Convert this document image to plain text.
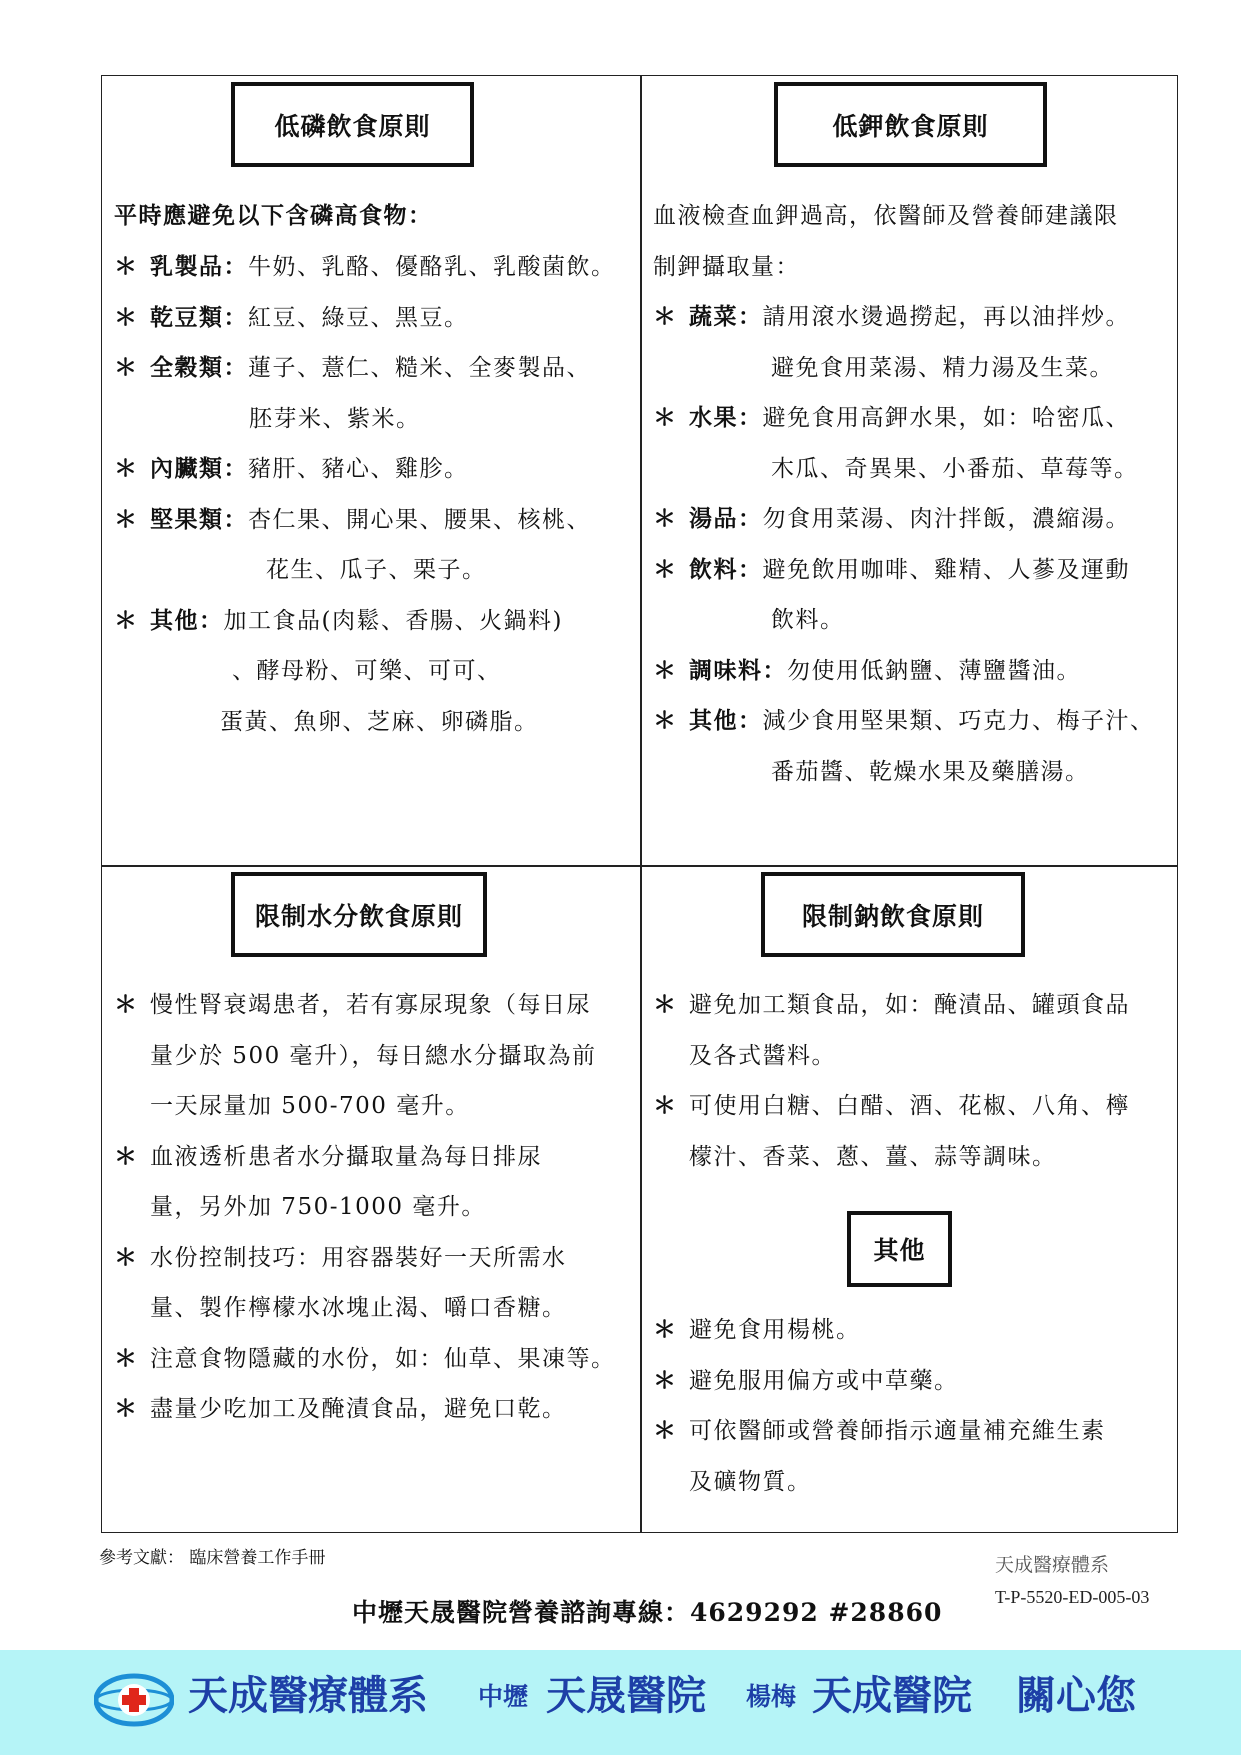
低磷飲食原則
平時應避免以下含磷高食物：
＊ 乳製品：牛奶、乳酪、優酪乳、乳酸菌飲。
＊ 乾豆類：紅豆、綠豆、黑豆。
＊ 全穀類：蓮子、薏仁、糙米、全麥製品、
胚芽米、紫米。
＊ 內臟類：豬肝、豬心、雞胗。
＊ 堅果類：杏仁果、開心果、腰果、核桃、
花生、瓜子、栗子。
＊ 其他：加工食品(肉鬆、香腸、火鍋料)
、酵母粉、可樂、可可、
蛋黃、魚卵、芝麻、卵磷脂。
低鉀飲食原則
血液檢查血鉀過高，依醫師及營養師建議限
制鉀攝取量：
＊ 蔬菜：請用滾水燙過撈起，再以油拌炒。
避免食用菜湯、精力湯及生菜。
＊ 水果：避免食用高鉀水果，如：哈密瓜、
木瓜、奇異果、小番茄、草莓等。
＊ 湯品：勿食用菜湯、肉汁拌飯，濃縮湯。
＊ 飲料：避免飲用咖啡、雞精、人蔘及運動
飲料。
＊ 調味料：勿使用低鈉鹽、薄鹽醬油。
＊ 其他：減少食用堅果類、巧克力、梅子汁、
番茄醬、乾燥水果及藥膳湯。
限制水分飲食原則
＊ 慢性腎衰竭患者，若有寡尿現象（每日尿
量少於 500 毫升），每日總水分攝取為前
一天尿量加 500-700 毫升。
＊ 血液透析患者水分攝取量為每日排尿
量，另外加 750-1000 毫升。
＊ 水份控制技巧：用容器裝好一天所需水
量、製作檸檬水冰塊止渴、嚼口香糖。
＊ 注意食物隱藏的水份，如：仙草、果凍等。
＊ 盡量少吃加工及醃漬食品，避免口乾。
限制鈉飲食原則
＊ 避免加工類食品，如：醃漬品、罐頭食品
及各式醬料。
＊ 可使用白糖、白醋、酒、花椒、八角、檸
檬汁、香菜、蔥、薑、蒜等調味。
其他
＊ 避免食用楊桃。
＊ 避免服用偏方或中草藥。
＊ 可依醫師或營養師指示適量補充維生素
及礦物質。
參考文獻： 臨床營養工作手冊	天成醫療體系
T-P-5520-ED-005-03
中壢天晟醫院營養諮詢專線：4629292 #28860
天成醫療體系 中壢 天晟醫院 楊梅 天成醫院 關心您
